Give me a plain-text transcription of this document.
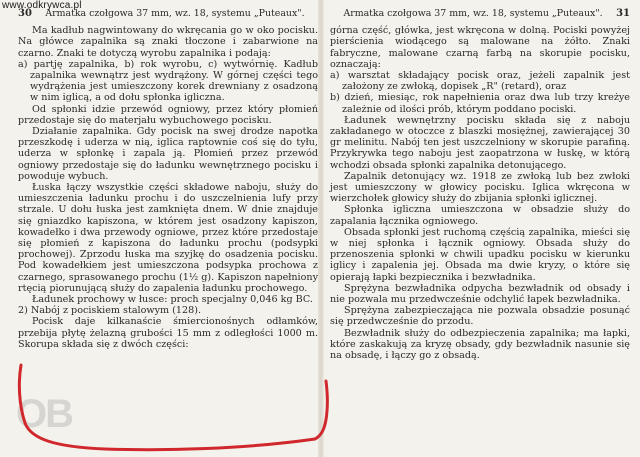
www.odkrywca.pl
30	Armatka czołgowa 37 mm, wz. 18, systemu „Puteaux".

Ma kadłub nagwintowany do wkręcania go w oko pocisku. Na główce zapalnika są znaki tłoczone i zabarwione na czarno. Znaki te dotyczą wyrobu zapalnika i podają:

a) partję zapalnika, b) rok wyrobu, c) wytwórnię. Kadłub zapalnika wewnątrz jest wydrążony. W górnej części tego wydrążenia jest umieszczony korek drewniany z osadzoną w nim iglicą, a od dołu spłonka igliczna.

Od spłonki idzie przewód ogniowy, przez który płomień przedostaje się do materjału wybuchowego pocisku.

Działanie zapalnika. Gdy pocisk na swej drodze napotka przeszkodę i uderza w nią, iglica raptownie coś się do tyłu, uderza w spłonkę i zapala ją. Płomień przez przewód ogniowy przedostaje się do ładunku wewnętrznego pocisku i powoduje wybuch.

Łuska łączy wszystkie części składowe naboju, służy do umieszczenia ładunku prochu i do uszczelnienia lufy przy strzale. U dołu łuska jest zamknięta dnem. W dnie znajduje się gniazdko kapiszona, w którem jest osadzony kapiszon, kowadełko i dwa przewody ogniowe, przez które przedostaje się płomień z kapiszona do ładunku prochu (podsypki prochowej). Zprzodu łuska ma szyjkę do osadzenia pocisku. Pod kowadełkiem jest umieszczona podsypka prochowa z czarnego, sprasowanego prochu (1½ g). Kapiszon napełniony rtęcią piorunującą służy do zapalenia ładunku prochowego.

Ładunek prochowy w łusce: proch specjalny 0,046 kg BC.

2) Nabój z pociskiem stalowym (128).

Pocisk daje kilkanaście śmiercionośnych odłamków, przebija płytę żelazną grubości 15 mm z odległości 1000 m. Skorupa składa się z dwóch części:

Armatka czołgowa 37 mm, wz. 18, systemu „Puteaux".	31

górna część, główka, jest wkręcona w dolną. Pociski powyżej pierścienia wiodącego są malowane na żółto. Znaki fabryczne, malowane czarną farbą na skorupie pocisku, oznaczają:

a) warsztat składający pocisk oraz, jeżeli zapalnik jest założony ze zwłoką, dopisek „R" (retard), oraz

b) dzień, miesiąc, rok napełnienia oraz dwa lub trzy kreżye zależnie od ilości prób, którym poddano pociski.

Ładunek wewnętrzny pocisku składa się z naboju zakładanego w otoczce z blaszki mosiężnej, zawierającej 30 gr melinitu. Nabój ten jest uszczelniony w skorupie parafiną. Przykrywka tego naboju jest zaopatrzona w łuskę, w którą wchodzi obsada spłonki zapalnika detonującego.

Zapalnik detonujący wz. 1918 ze zwłoką lub bez zwłoki jest umieszczony w głowicy pocisku. Iglica wkręcona w wierzchołek głowicy służy do zbijania spłonki iglicznej.

Spłonka igliczna umieszczona w obsadzie służy do zapalania łącznika ogniowego.

Obsada spłonki jest ruchomą częścią zapalnika, mieści się w niej spłonka i łącznik ogniowy. Obsada służy do przenoszenia spłonki w chwili upadku pocisku w kierunku iglicy i zapalenia jej. Obsada ma dwie kryzy, o które się opierają łapki bezpiecznika i bezwładnika.

Sprężyna bezwładnika odpycha bezwładnik od obsady i nie pozwala mu przedwcześnie odchylić łapek bezwładnika.

Sprężyna zabezpieczająca nie pozwala obsadzie posunąć się przedwcześnie do przodu.

Bezwładnik służy do odbezpieczenia zapalnika; ma łapki, które zaskakują za kryzę obsady, gdy bezwładnik nasunie się na obsadę, i łączy go z obsadą.

OB
